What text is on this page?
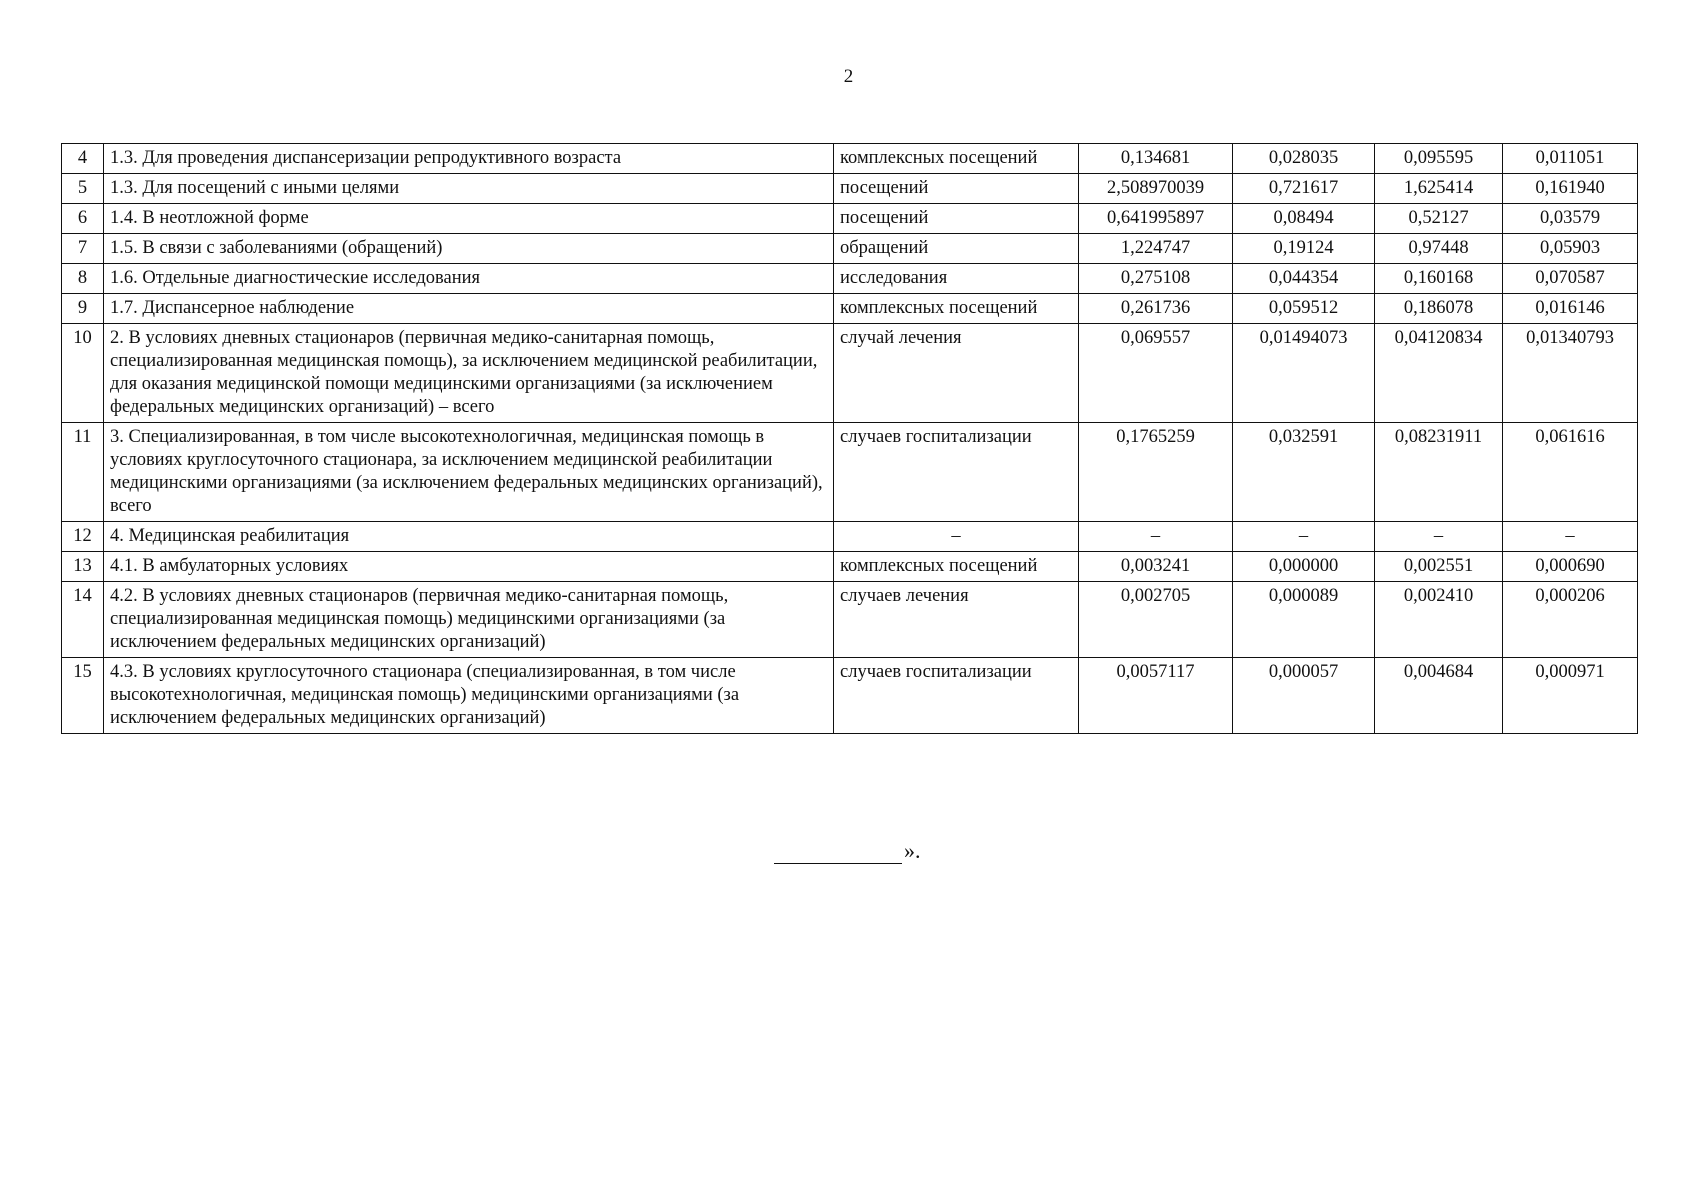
2
4	1.3. Для проведения диспансеризации репродуктивного возраста	комплексных посещений	0,134681	0,028035	0,095595	0,011051
5	1.3. Для посещений с иными целями	посещений	2,508970039	0,721617	1,625414	0,161940
6	1.4. В неотложной форме	посещений	0,641995897	0,08494	0,52127	0,03579
7	1.5. В связи с заболеваниями (обращений)	обращений	1,224747	0,19124	0,97448	0,05903
8	1.6. Отдельные диагностические исследования	исследования	0,275108	0,044354	0,160168	0,070587
9	1.7. Диспансерное наблюдение	комплексных посещений	0,261736	0,059512	0,186078	0,016146
10	2. В условиях дневных стационаров (первичная медико-санитарная помощь, специализированная медицинская помощь), за исключением медицинской реабилитации, для оказания медицинской помощи медицинскими организациями (за исключением федеральных медицинских организаций) – всего	случай лечения	0,069557	0,01494073	0,04120834	0,01340793
11	3. Специализированная, в том числе высокотехнологичная, медицинская помощь в условиях круглосуточного стационара, за исключением медицинской реабилитации медицинскими организациями (за исключением федеральных медицинских организаций), всего	случаев госпитализации	0,1765259	0,032591	0,08231911	0,061616
12	4. Медицинская реабилитация	–	–	–	–	–
13	4.1. В амбулаторных условиях	комплексных посещений	0,003241	0,000000	0,002551	0,000690
14	4.2. В условиях дневных стационаров (первичная медико-санитарная помощь, специализированная медицинская помощь) медицинскими организациями (за исключением федеральных медицинских организаций)	случаев лечения	0,002705	0,000089	0,002410	0,000206
15	4.3. В условиях круглосуточного стационара (специализированная, в том числе высокотехнологичная, медицинская помощь) медицинскими организациями (за исключением федеральных медицинских организаций)	случаев госпитализации	0,0057117	0,000057	0,004684	0,000971
».
